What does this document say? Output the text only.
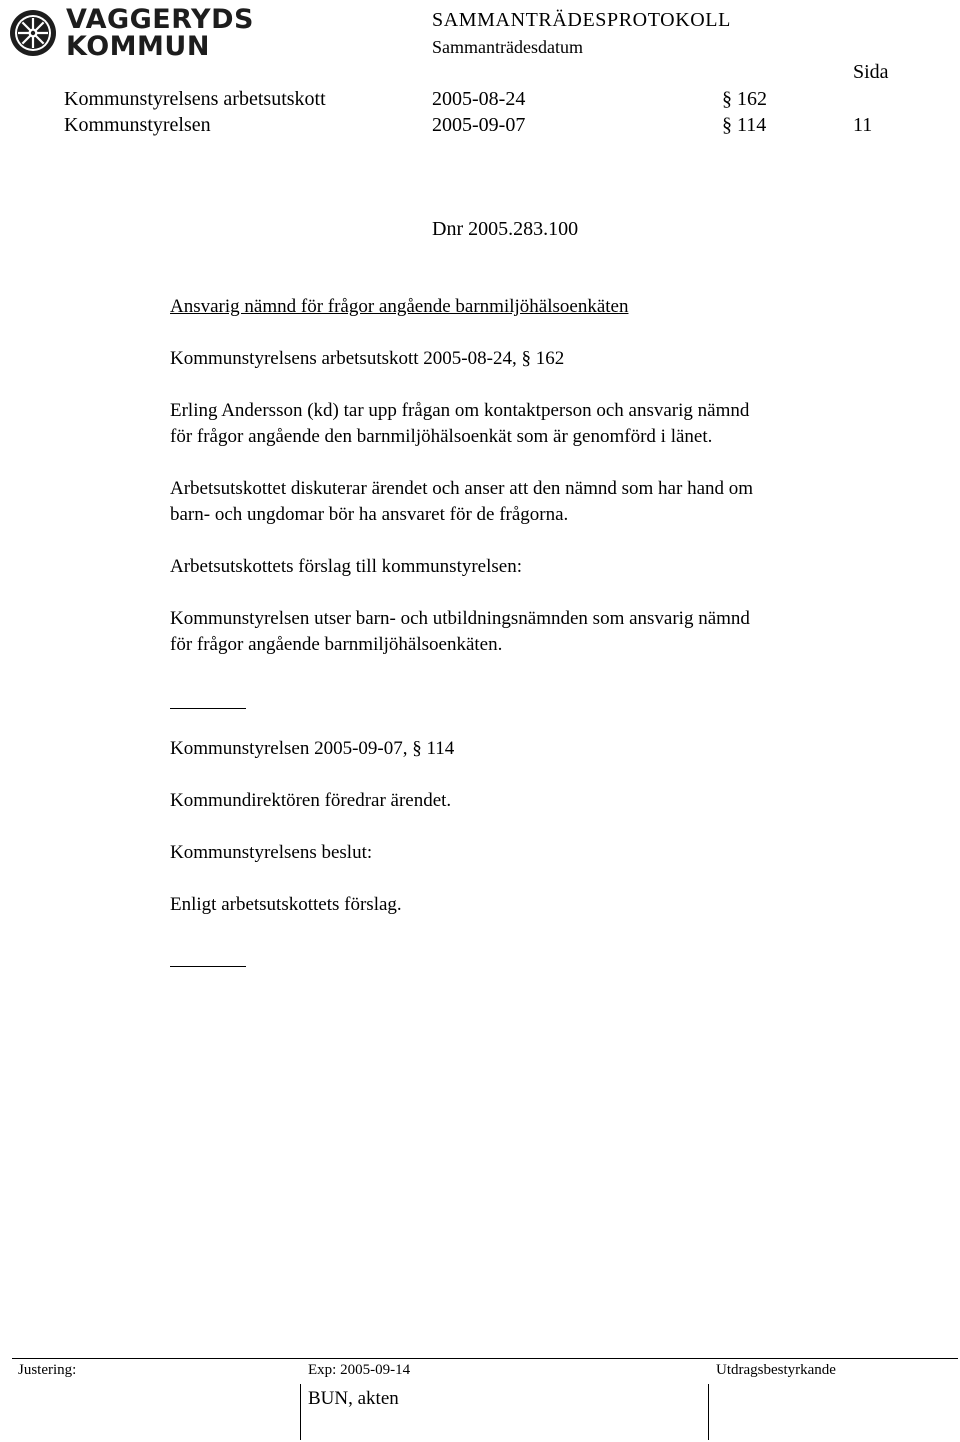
VAGGERYDS
KOMMUN
SAMMANTRÄDESPROTOKOLL
Sammanträdesdatum
Sida
Kommunstyrelsens arbetsutskott	2005-08-24	§ 162
Kommunstyrelsen	2005-09-07	§ 114	11
Dnr 2005.283.100
Ansvarig nämnd för frågor angående barnmiljöhälsoenkäten
Kommunstyrelsens arbetsutskott 2005-08-24, § 162
Erling Andersson (kd) tar upp frågan om kontaktperson och ansvarig nämnd
för frågor angående den barnmiljöhälsoenkät som är genomförd i länet.
Arbetsutskottet diskuterar ärendet och anser att den nämnd som har hand om
barn- och ungdomar bör ha ansvaret för de frågorna.
Arbetsutskottets förslag till kommunstyrelsen:
Kommunstyrelsen utser barn- och utbildningsnämnden som ansvarig nämnd
för frågor angående barnmiljöhälsoenkäten.
Kommunstyrelsen 2005-09-07, § 114
Kommundirektören föredrar ärendet.
Kommunstyrelsens beslut:
Enligt arbetsutskottets förslag.
Justering:	Exp: 2005-09-14
BUN, akten
Utdragsbestyrkande
